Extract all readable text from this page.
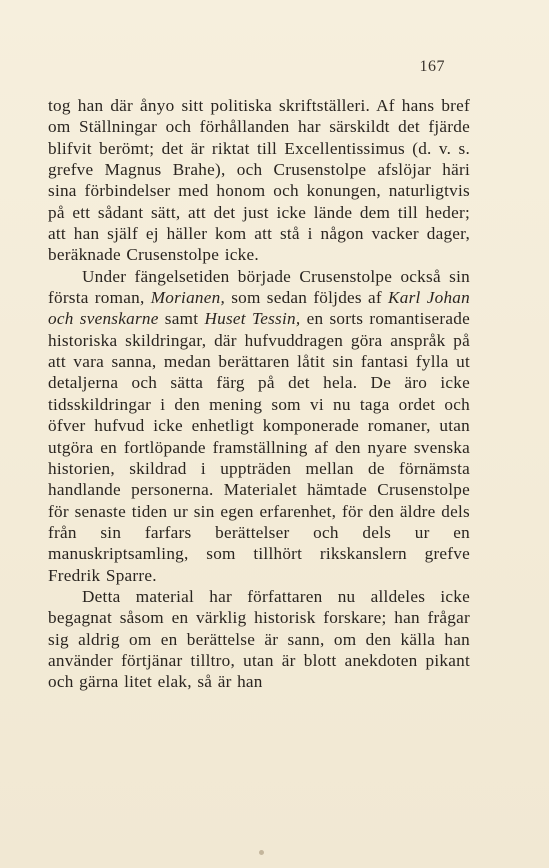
167

tog han där ånyo sitt politiska skriftställeri. Af hans bref om Ställningar och förhållanden har särskildt det fjärde blifvit berömt; det är riktat till Excellentissimus (d. v. s. grefve Magnus Brahe), och Crusenstolpe afslöjar häri sina förbindelser med honom och konungen, naturligtvis på ett sådant sätt, att det just icke lände dem till heder; att han själf ej häller kom att stå i någon vacker dager, beräknade Crusenstolpe icke.

Under fängelsetiden började Crusenstolpe också sin första roman, Morianen, som sedan följdes af Karl Johan och svenskarne samt Huset Tessin, en sorts romantiserade historiska skildringar, där hufvuddragen göra anspråk på att vara sanna, medan berättaren låtit sin fantasi fylla ut detaljerna och sätta färg på det hela. De äro icke tidsskildringar i den mening som vi nu taga ordet och öfver hufvud icke enhetligt komponerade romaner, utan utgöra en fortlöpande framställning af den nyare svenska historien, skildrad i uppträden mellan de förnämsta handlande personerna. Materialet hämtade Crusenstolpe för senaste tiden ur sin egen erfarenhet, för den äldre dels från sin farfars berättelser och dels ur en manuskriptsamling, som tillhört rikskanslern grefve Fredrik Sparre.

Detta material har författaren nu alldeles icke begagnat såsom en värklig historisk forskare; han frågar sig aldrig om en berättelse är sann, om den källa han använder förtjänar tilltro, utan är blott anekdoten pikant och gärna litet elak, så är han
